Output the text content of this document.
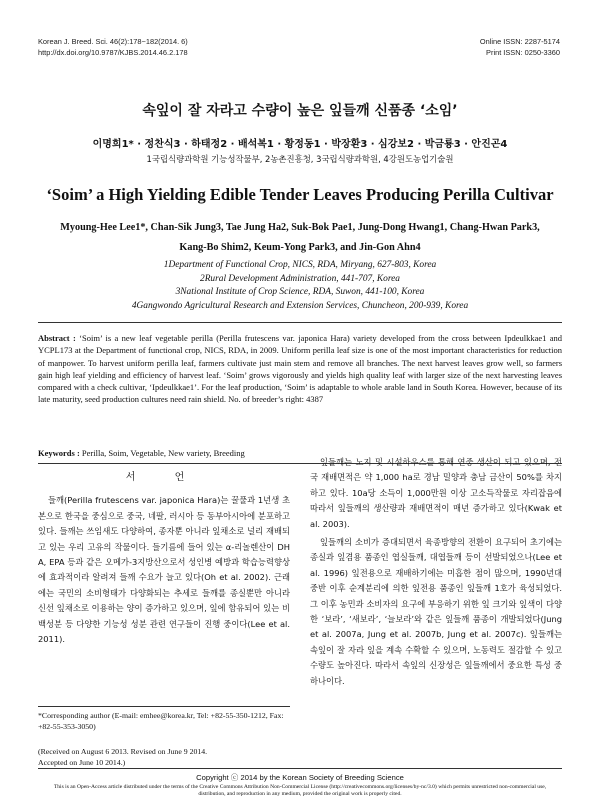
Korean J. Breed. Sci. 46(2):178~182(2014. 6)
http://dx.doi.org/10.9787/KJBS.2014.46.2.178
Online ISSN: 2287-5174
Print ISSN: 0250-3360
속잎이 잘 자라고 수량이 높은 잎들깨 신품종 ‘소임’
이명희1* · 정찬식3 · 하태정2 · 배석복1 · 황정동1 · 박장환3 · 심강보2 · 박금룡3 · 안진곤4
1국립식량과학원 기능성작물부, 2농촌진흥청, 3국립식량과학원, 4강원도농업기술원
‘Soim’ a High Yielding Edible Tender Leaves Producing Perilla Cultivar
Myoung-Hee Lee1*, Chan-Sik Jung3, Tae Jung Ha2, Suk-Bok Pae1, Jung-Dong Hwang1, Chang-Hwan Park3,
Kang-Bo Shim2, Keum-Yong Park3, and Jin-Gon Ahn4
1Department of Functional Crop, NICS, RDA, Miryang, 627-803, Korea
2Rural Development Administration, 441-707, Korea
3National Institute of Crop Science, RDA, Suwon, 441-100, Korea
4Gangwondo Agricultural Research and Extension Services, Chuncheon, 200-939, Korea
Abstract : ‘Soim’ is a new leaf vegetable perilla (Perilla frutescens var. japonica Hara) variety developed from the cross between Ipdeulkkae1 and YCPL173 at the Department of functional crop, NICS, RDA, in 2009. Uniform perilla leaf size is one of the most important characteristics for reduction of manpower. To harvest uniform perilla leaf, farmers cultivate just main stem and remove all branches. The next harvest leaves grow well, so farmers gain high leaf yielding and efficiency of harvest leaf. ‘Soim’ grows vigorously and yields high quality leaf with larger size of the next harvesting leaves compared with a check cultivar, ‘Ipdeulkkae1’. For the leaf production, ‘Soim’ is adaptable to whole arable land in South Korea. However, because of its late maturity, seed production cultures need rain shield. No. of breeder’s right: 4387
Keywords : Perilla, Soim, Vegetable, New variety, Breeding
서 언

들깨(Perilla frutescens var. japonica Hara)는 꿀풀과 1년생 초본으로 한국을 중심으로 중국, 네팔, 러시아 등 동부아시아에 분포하고 있다. 들깨는 쓰임새도 다양하여, 종자뿐 아니라 잎채소로 널리 재배되고 있는 우리 고유의 작물이다. 들기름에 들어 있는 α-리놀렌산이 DHA, EPA 등과 같은 오메가-3지방산으로서 성인병 예방과 학습능력향상에 효과적이라 알려져 들깨 수요가 늘고 있다(Oh et al. 2002). 근래에는 국민의 소비형태가 다양화되는 추세로 들깨를 종실뿐만 아니라 신선 잎채소로 이용하는 양이 증가하고 있으며, 잎에 함유되어 있는 비백성분 등 다양한 기능성 성분 관련 연구들이 진행 중이다(Lee et al. 2011).

잎들깨는 노지 및 시설하우스를 통해 연중 생산이 되고 있으며, 전국 재배면적은 약 1,000 ha로 경남 밀양과 충남 금산이 50%를 차지하고 있다. 10a당 소득이 1,000만원 이상 고소득작물로 자리잡음에 따라서 잎들깨의 생산량과 재배면적이 매년 증가하고 있다(Kwak et al. 2003).

잎들깨의 소비가 증대되면서 육종방향의 전환이 요구되어 초기에는 종실과 잎겸용 품종인 엽실들깨, 대엽들깨 등이 선발되었으나(Lee et al. 1996) 잎전용으로 재배하기에는 미흡한 점이 많으며, 1990년대 중반 이후 순계분리에 의한 잎전용 품종인 잎들깨 1호가 육성되었다. 그 이후 농민과 소비자의 요구에 부응하기 위한 잎 크기와 잎색이 다양한 ‘보라’, ‘새보라’, ‘늘보라’와 같은 잎들깨 품종이 개발되었다(Jung et al. 2007a, Jung et al. 2007b, Jung et al. 2007c). 잎들깨는 속잎이 잘 자라 잎을 계속 수확할 수 있으며, 노동력도 절감할 수 있고 수량도 높아진다. 따라서 속잎의 신장성은 잎들깨에서 중요한 특성 중 하나이다.

*Corresponding author (E-mail: emhee@korea.kr, Tel: +82-55-350-1212, Fax: +82-55-353-3050)
(Received on August 6 2013. Revised on June 9 2014.
Accepted on June 10 2014.)
Copyright ⓒ 2014 by the Korean Society of Breeding Science
This is an Open-Access article distributed under the terms of the Creative Commons Attribution Non-Commercial License (http://creativecommons.org/licenses/by-nc/3.0) which permits unrestricted non-commercial use, distribution, and reproduction in any medium, provided the original work is properly cited.
